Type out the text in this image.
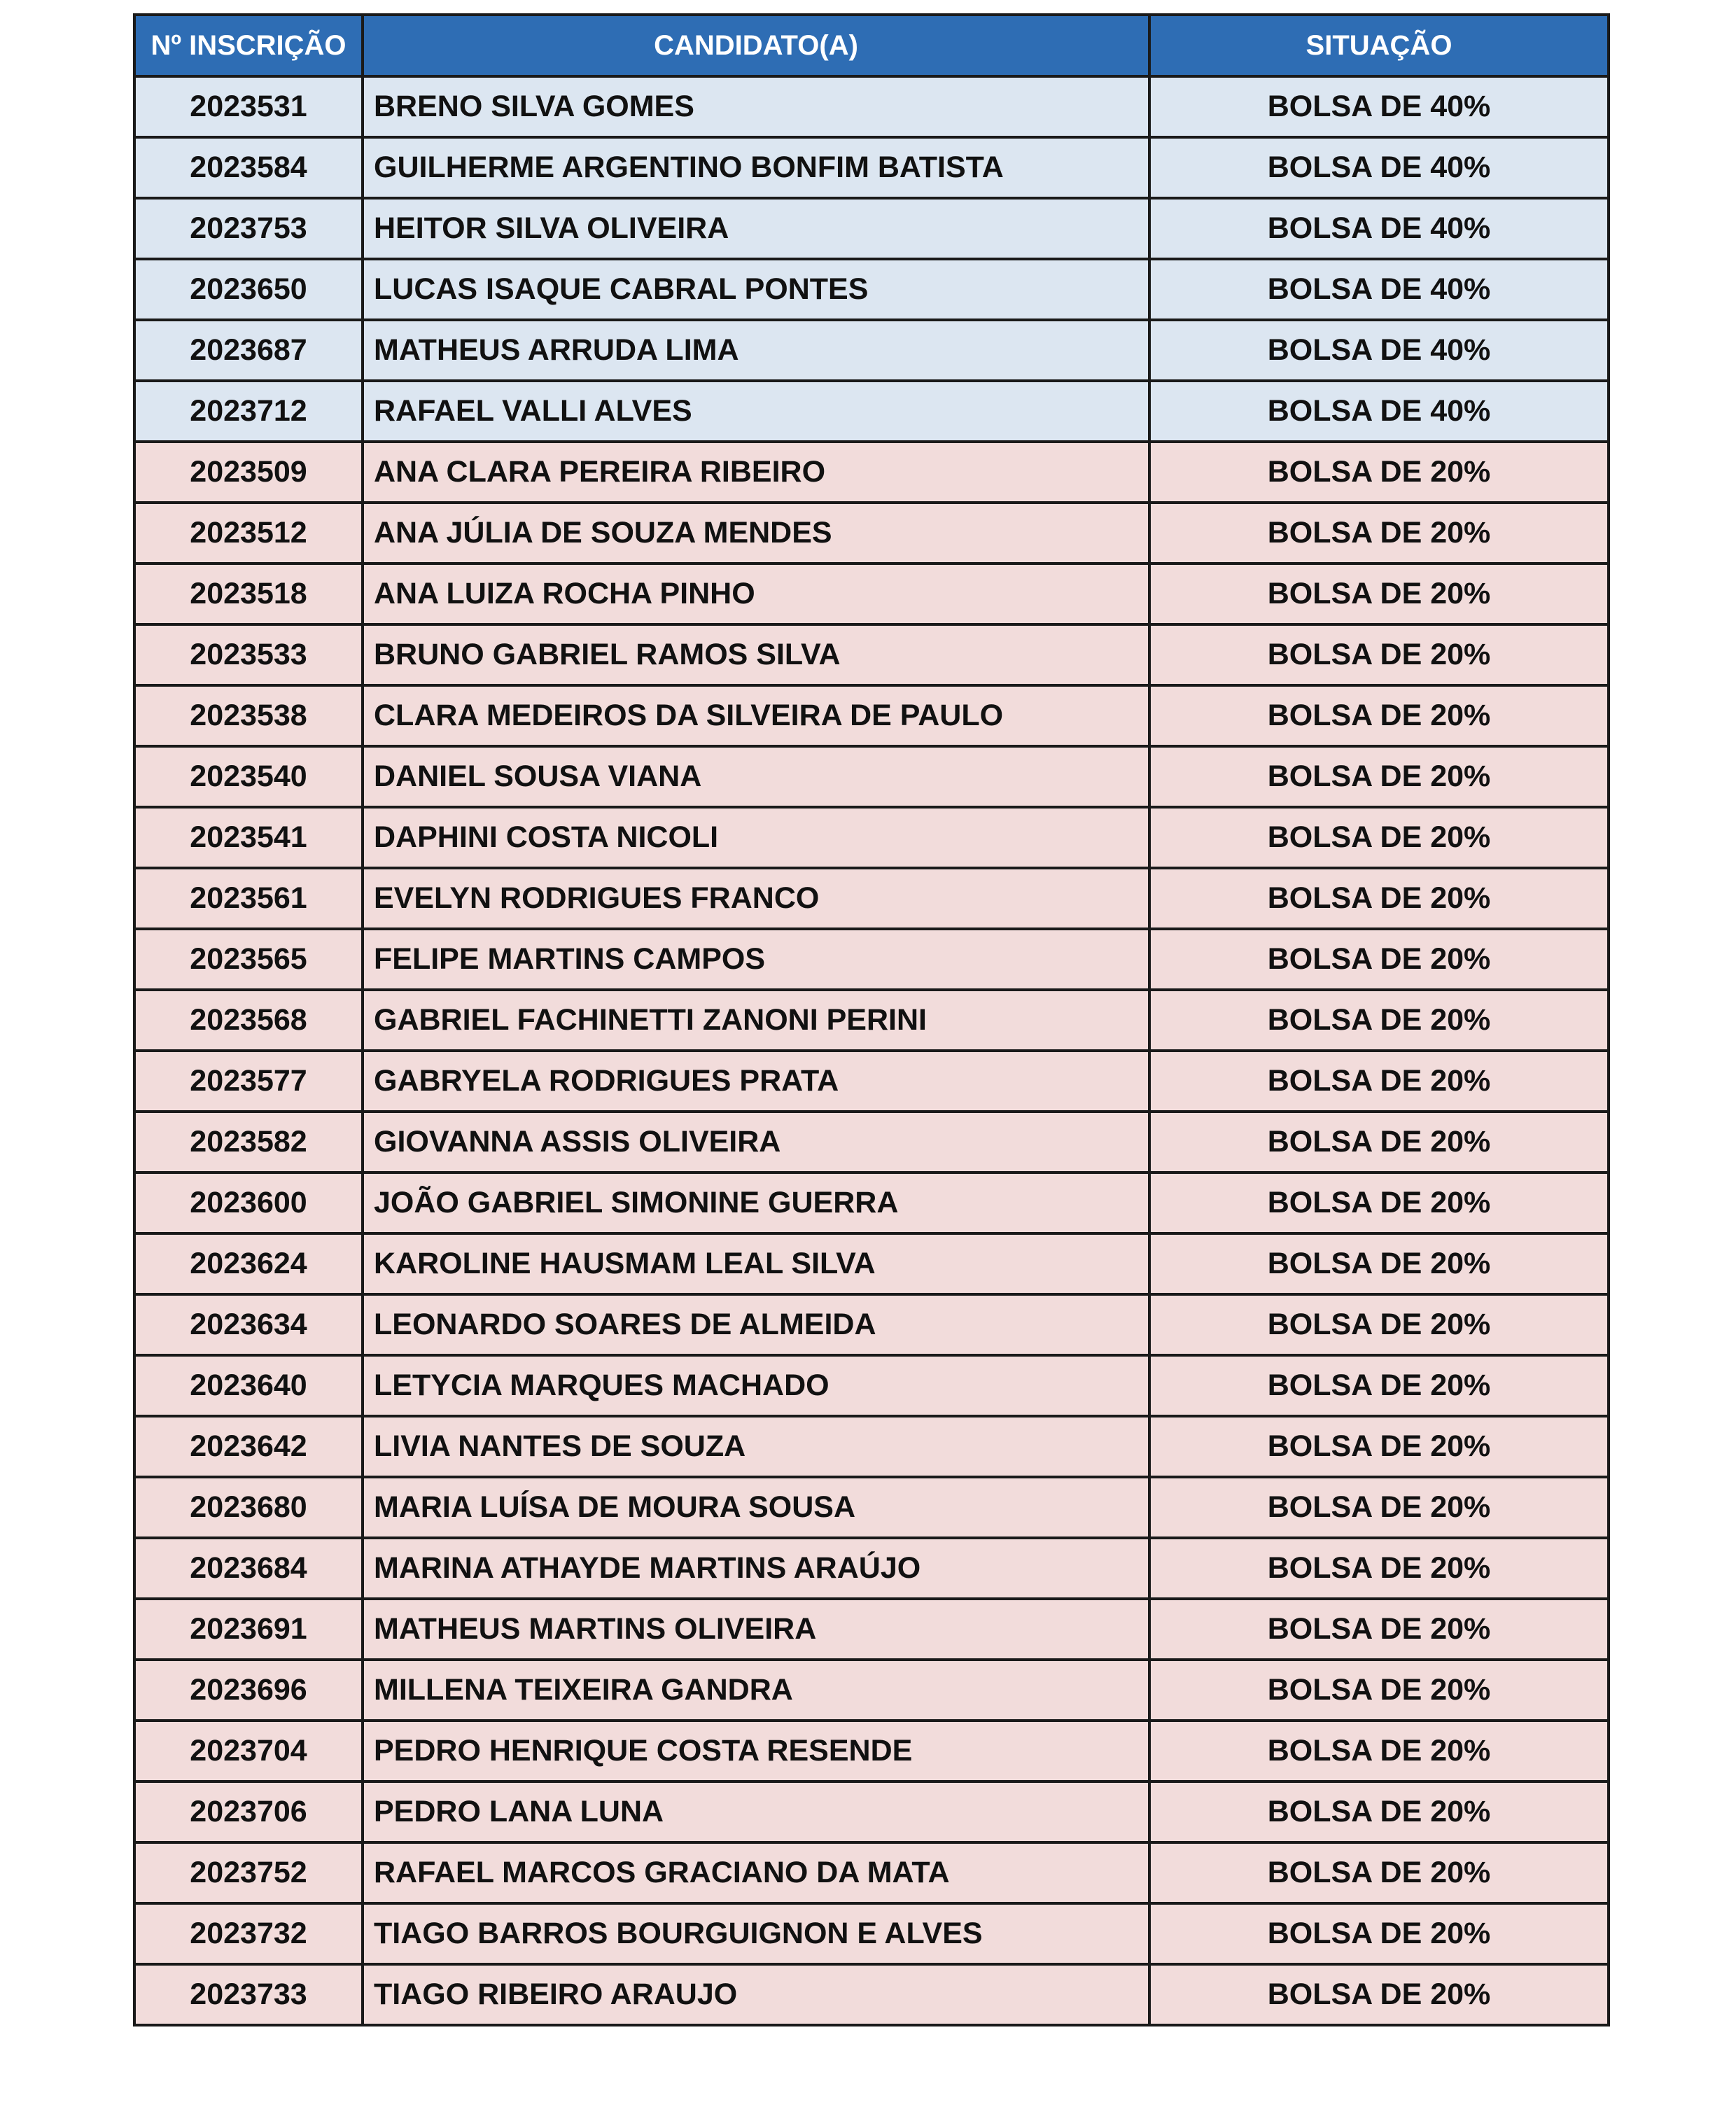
Nº INSCRIÇÃO	CANDIDATO(A)	SITUAÇÃO
2023531	BRENO SILVA GOMES	BOLSA DE 40%
2023584	GUILHERME ARGENTINO BONFIM BATISTA	BOLSA DE 40%
2023753	HEITOR SILVA OLIVEIRA	BOLSA DE 40%
2023650	LUCAS ISAQUE CABRAL PONTES	BOLSA DE 40%
2023687	MATHEUS ARRUDA LIMA	BOLSA DE 40%
2023712	RAFAEL VALLI ALVES	BOLSA DE 40%
2023509	ANA CLARA PEREIRA RIBEIRO	BOLSA DE 20%
2023512	ANA JÚLIA DE SOUZA MENDES	BOLSA DE 20%
2023518	ANA LUIZA ROCHA PINHO	BOLSA DE 20%
2023533	BRUNO GABRIEL RAMOS SILVA	BOLSA DE 20%
2023538	CLARA MEDEIROS DA SILVEIRA DE PAULO	BOLSA DE 20%
2023540	DANIEL SOUSA VIANA	BOLSA DE 20%
2023541	DAPHINI COSTA NICOLI	BOLSA DE 20%
2023561	EVELYN RODRIGUES FRANCO	BOLSA DE 20%
2023565	FELIPE MARTINS CAMPOS	BOLSA DE 20%
2023568	GABRIEL FACHINETTI ZANONI PERINI	BOLSA DE 20%
2023577	GABRYELA RODRIGUES PRATA	BOLSA DE 20%
2023582	GIOVANNA ASSIS OLIVEIRA	BOLSA DE 20%
2023600	JOÃO GABRIEL SIMONINE GUERRA	BOLSA DE 20%
2023624	KAROLINE HAUSMAM LEAL SILVA	BOLSA DE 20%
2023634	LEONARDO SOARES DE ALMEIDA	BOLSA DE 20%
2023640	LETYCIA MARQUES MACHADO	BOLSA DE 20%
2023642	LIVIA NANTES DE SOUZA	BOLSA DE 20%
2023680	MARIA LUÍSA DE MOURA SOUSA	BOLSA DE 20%
2023684	MARINA ATHAYDE MARTINS ARAÚJO	BOLSA DE 20%
2023691	MATHEUS MARTINS OLIVEIRA	BOLSA DE 20%
2023696	MILLENA TEIXEIRA GANDRA	BOLSA DE 20%
2023704	PEDRO HENRIQUE COSTA RESENDE	BOLSA DE 20%
2023706	PEDRO LANA LUNA	BOLSA DE 20%
2023752	RAFAEL MARCOS GRACIANO DA MATA	BOLSA DE 20%
2023732	TIAGO BARROS BOURGUIGNON E ALVES	BOLSA DE 20%
2023733	TIAGO RIBEIRO ARAUJO	BOLSA DE 20%
